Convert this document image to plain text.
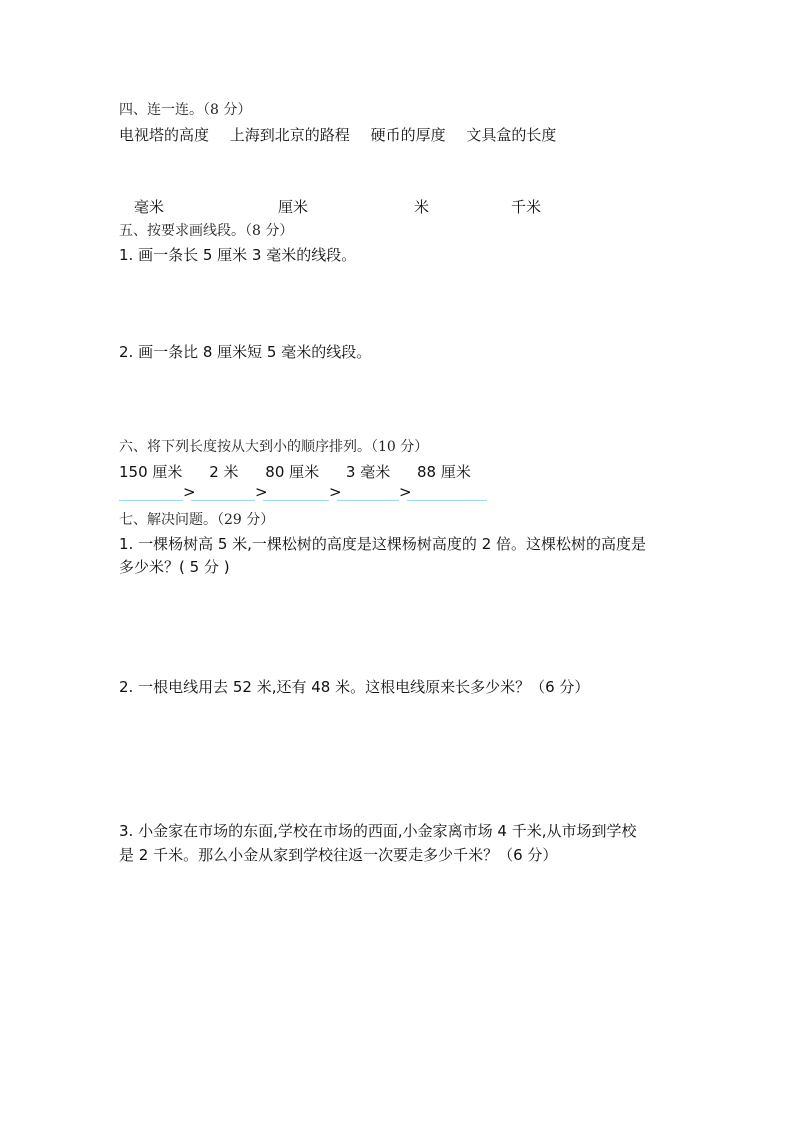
四、连一连。（8 分）
电视塔的高度 上海到北京的路程 硬币的厚度 文具盒的长度
毫米	厘米	米	千米
五、按要求画线段。（8 分）
1. 画一条长 5 厘米 3 毫米的线段。
2. 画一条比 8 厘米短 5 毫米的线段。
六、将下列长度按从大到小的顺序排列。（10 分）
150 厘米 2 米 80 厘米 3 毫米 88 厘米
>	>	>	>
七、解决问题。（29 分）
1. 一棵杨树高 5 米,一棵松树的高度是这棵杨树高度的 2 倍。这棵松树的高度是
多少米？( 5 分 )
2. 一根电线用去 52 米,还有 48 米。这根电线原来长多少米？（6 分）
3. 小金家在市场的东面,学校在市场的西面,小金家离市场 4 千米,从市场到学校
是 2 千米。那么小金从家到学校往返一次要走多少千米？（6 分）
